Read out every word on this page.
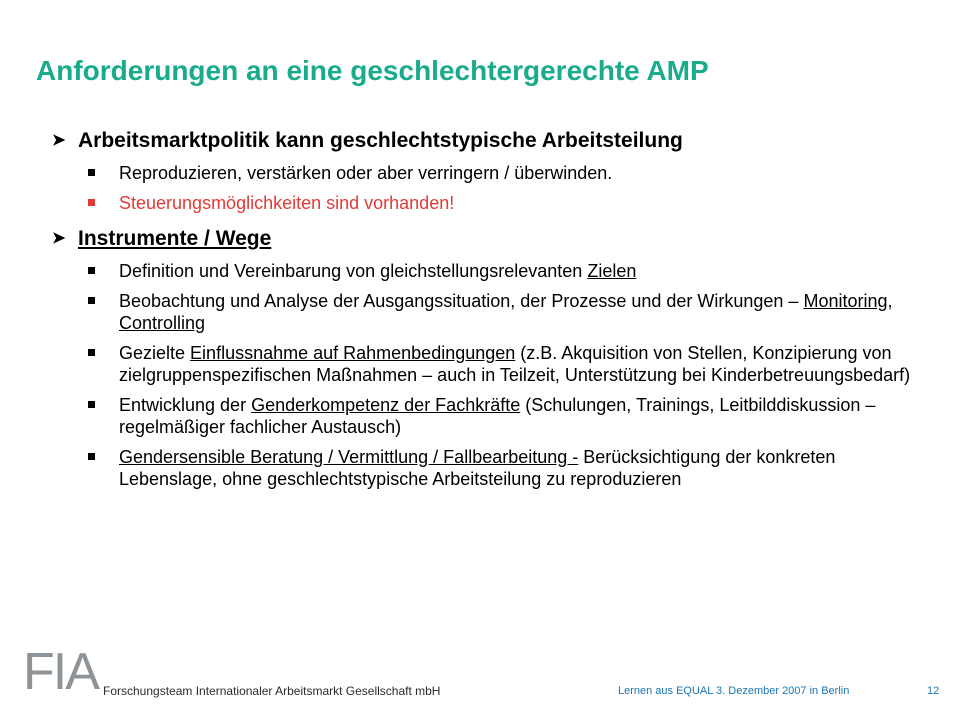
Anforderungen an eine geschlechtergerechte AMP
➤ Arbeitsmarktpolitik kann geschlechtstypische Arbeitsteilung
Reproduzieren, verstärken oder aber verringern / überwinden.
Steuerungsmöglichkeiten sind vorhanden!
➤ Instrumente / Wege
Definition und Vereinbarung von gleichstellungsrelevanten Zielen
Beobachtung und Analyse der Ausgangssituation, der Prozesse und der Wirkungen – Monitoring, Controlling
Gezielte Einflussnahme auf Rahmenbedingungen (z.B. Akquisition von Stellen, Konzipierung von zielgruppenspezifischen Maßnahmen – auch in Teilzeit, Unterstützung bei Kinderbetreuungsbedarf)
Entwicklung der Genderkompetenz der Fachkräfte (Schulungen, Trainings, Leitbilddiskussion – regelmäßiger fachlicher Austausch)
Gendersensible Beratung / Vermittlung / Fallbearbeitung - Berücksichtigung der konkreten Lebenslage, ohne geschlechtstypische Arbeitsteilung zu reproduzieren
FIA Forschungsteam Internationaler Arbeitsmarkt Gesellschaft mbH	Lernen aus EQUAL 3. Dezember 2007 in Berlin	12
